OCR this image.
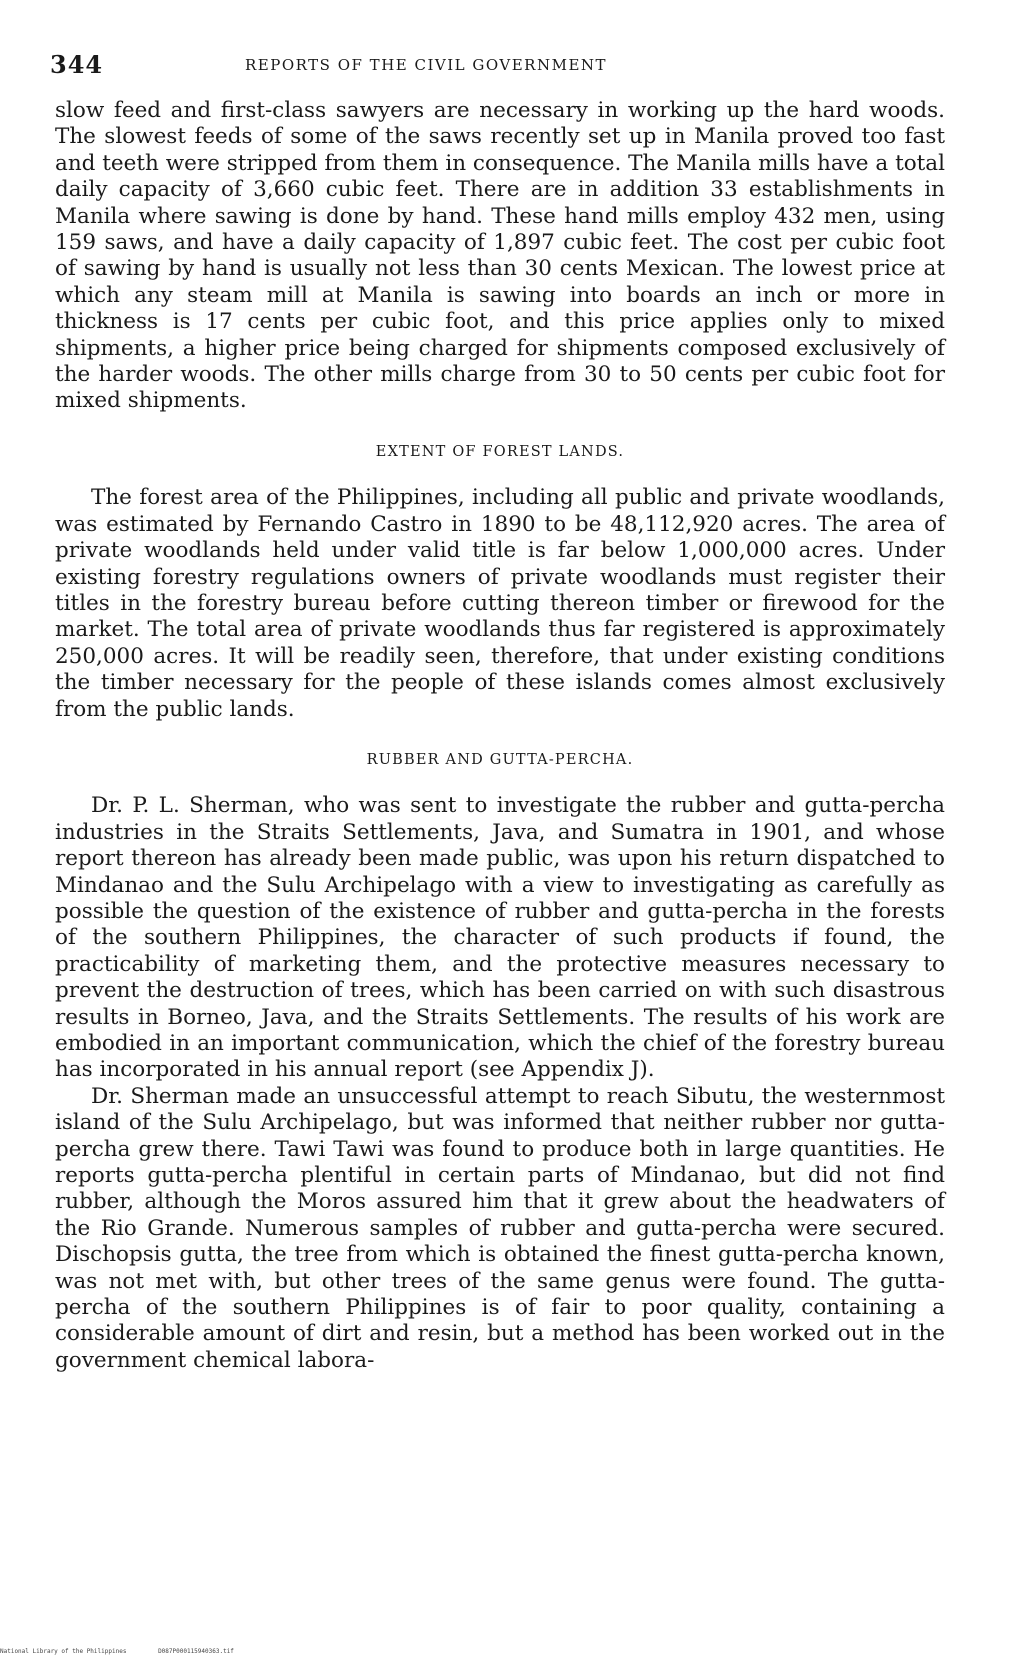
344	REPORTS OF THE CIVIL GOVERNMENT

slow feed and first-class sawyers are necessary in working up the hard woods. The slowest feeds of some of the saws recently set up in Manila proved too fast and teeth were stripped from them in consequence. The Manila mills have a total daily capacity of 3,660 cubic feet. There are in addition 33 establishments in Manila where sawing is done by hand. These hand mills employ 432 men, using 159 saws, and have a daily capacity of 1,897 cubic feet. The cost per cubic foot of sawing by hand is usually not less than 30 cents Mexican. The lowest price at which any steam mill at Manila is sawing into boards an inch or more in thickness is 17 cents per cubic foot, and this price applies only to mixed shipments, a higher price being charged for shipments composed exclusively of the harder woods. The other mills charge from 30 to 50 cents per cubic foot for mixed shipments.

EXTENT OF FOREST LANDS.

The forest area of the Philippines, including all public and private woodlands, was estimated by Fernando Castro in 1890 to be 48,112,920 acres. The area of private woodlands held under valid title is far below 1,000,000 acres. Under existing forestry regulations owners of private woodlands must register their titles in the forestry bureau before cutting thereon timber or firewood for the market. The total area of private woodlands thus far registered is approximately 250,000 acres. It will be readily seen, therefore, that under existing conditions the timber necessary for the people of these islands comes almost exclusively from the public lands.

RUBBER AND GUTTA-PERCHA.

Dr. P. L. Sherman, who was sent to investigate the rubber and gutta-percha industries in the Straits Settlements, Java, and Sumatra in 1901, and whose report thereon has already been made public, was upon his return dispatched to Mindanao and the Sulu Archipelago with a view to investigating as carefully as possible the question of the existence of rubber and gutta-percha in the forests of the southern Philippines, the character of such products if found, the practicability of marketing them, and the protective measures necessary to prevent the destruction of trees, which has been carried on with such disastrous results in Borneo, Java, and the Straits Settlements. The results of his work are embodied in an important communication, which the chief of the forestry bureau has incorporated in his annual report (see Appendix J).

Dr. Sherman made an unsuccessful attempt to reach Sibutu, the westernmost island of the Sulu Archipelago, but was informed that neither rubber nor gutta-percha grew there. Tawi Tawi was found to produce both in large quantities. He reports gutta-percha plentiful in certain parts of Mindanao, but did not find rubber, although the Moros assured him that it grew about the headwaters of the Rio Grande. Numerous samples of rubber and gutta-percha were secured. Dischopsis gutta, the tree from which is obtained the finest gutta-percha known, was not met with, but other trees of the same genus were found. The gutta-percha of the southern Philippines is of fair to poor quality, containing a considerable amount of dirt and resin, but a method has been worked out in the government chemical labora-

National Library of the Philippines	D087P000115940363.tif
